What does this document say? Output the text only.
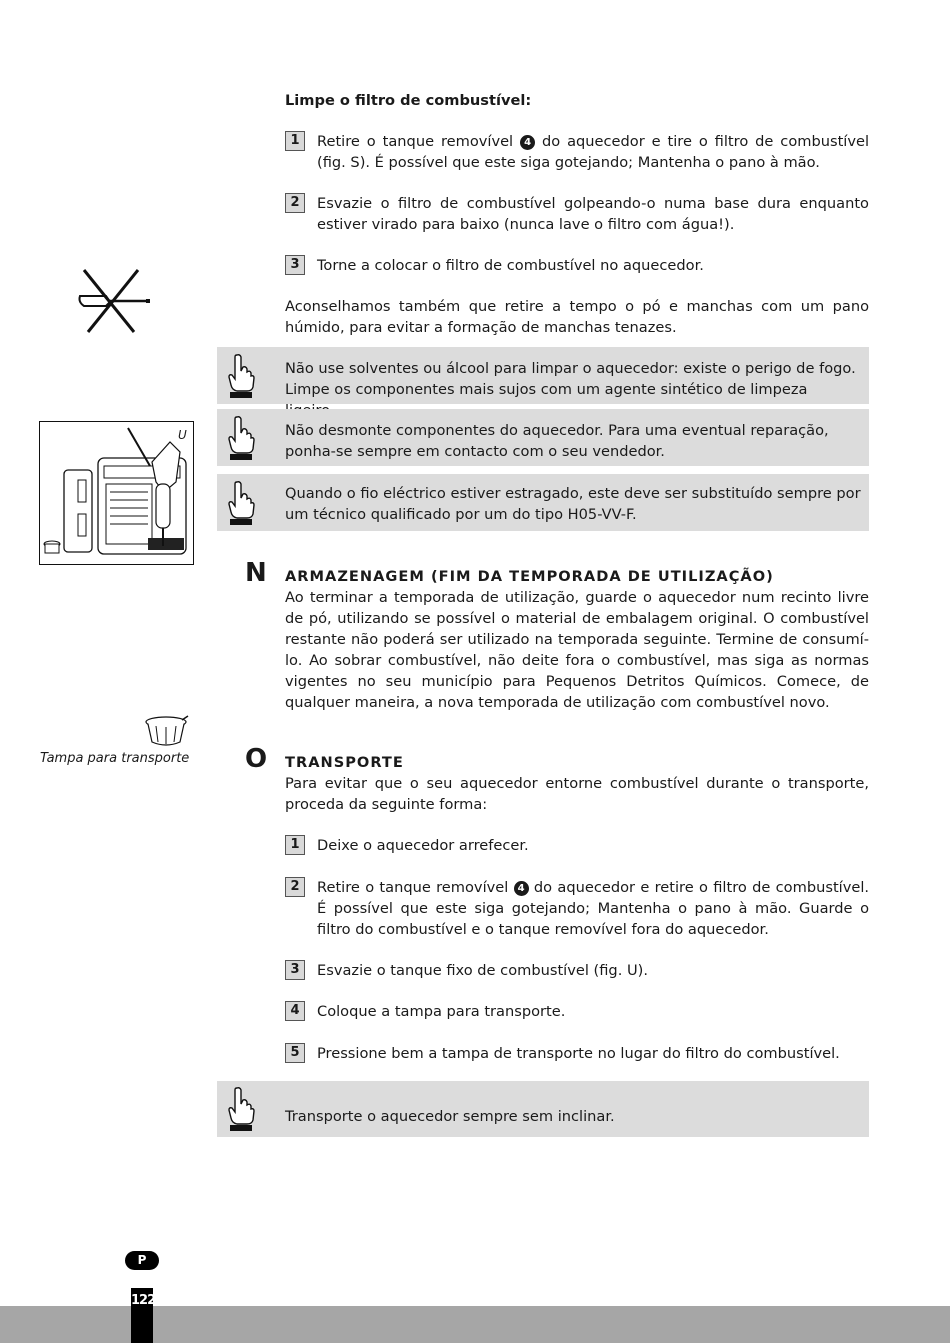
U
Tampa para transporte
Limpe o filtro de combustível:
1	Retire o tanque removível 4 do aquecedor e tire o filtro de combustível (fig. S). É possível que este siga gotejando; Mantenha o pano à mão.
2	Esvazie o filtro de combustível golpeando-o numa base dura enquanto estiver virado para baixo (nunca lave o filtro com água!).
3	Torne a colocar o filtro de combustível no aquecedor.
Aconselhamos também que retire a tempo o pó e manchas com um pano húmido, para evitar a formação de manchas tenazes.
Não use solventes ou álcool para limpar o aquecedor: existe o perigo de fogo. Limpe os componentes mais sujos com um agente sintético de limpeza
Não desmonte componentes do aquecedor. Para uma eventual reparação, ponha-se sempre em contacto com o seu vendedor.
Quando o fio eléctrico estiver estragado, este deve ser substituído sempre por um técnico qualificado por um do tipo H05-VV-F.
N ARMAZENAGEM (FIM DA TEMPORADA DE UTILIZAÇÃO)
Ao terminar a temporada de utilização, guarde o aquecedor num recinto livre de pó, utilizando se possível o material de embalagem original. O combustível restante não poderá ser utilizado na temporada seguinte. Termine de consumí-lo. Ao sobrar combustível, não deite fora o combustível, mas siga as normas vigentes no seu município para Pequenos Detritos Químicos. Comece, de qualquer maneira, a nova temporada de utilização com combustível novo.
O TRANSPORTE
Para evitar que o seu aquecedor entorne combustível durante o transporte, proceda da seguinte forma:
1	Deixe o aquecedor arrefecer.
2	Retire o tanque removível 4 do aquecedor e retire o filtro de combustível. É possível que este siga gotejando; Mantenha o pano à mão. Guarde o filtro do combustível e o tanque removível fora do aquecedor.
3	Esvazie o tanque fixo de combustível (fig. U).
4	Coloque a tampa para transporte.
5	Pressione bem a tampa de transporte no lugar do filtro do combustível.
Transporte o aquecedor sempre sem inclinar.
P
122
